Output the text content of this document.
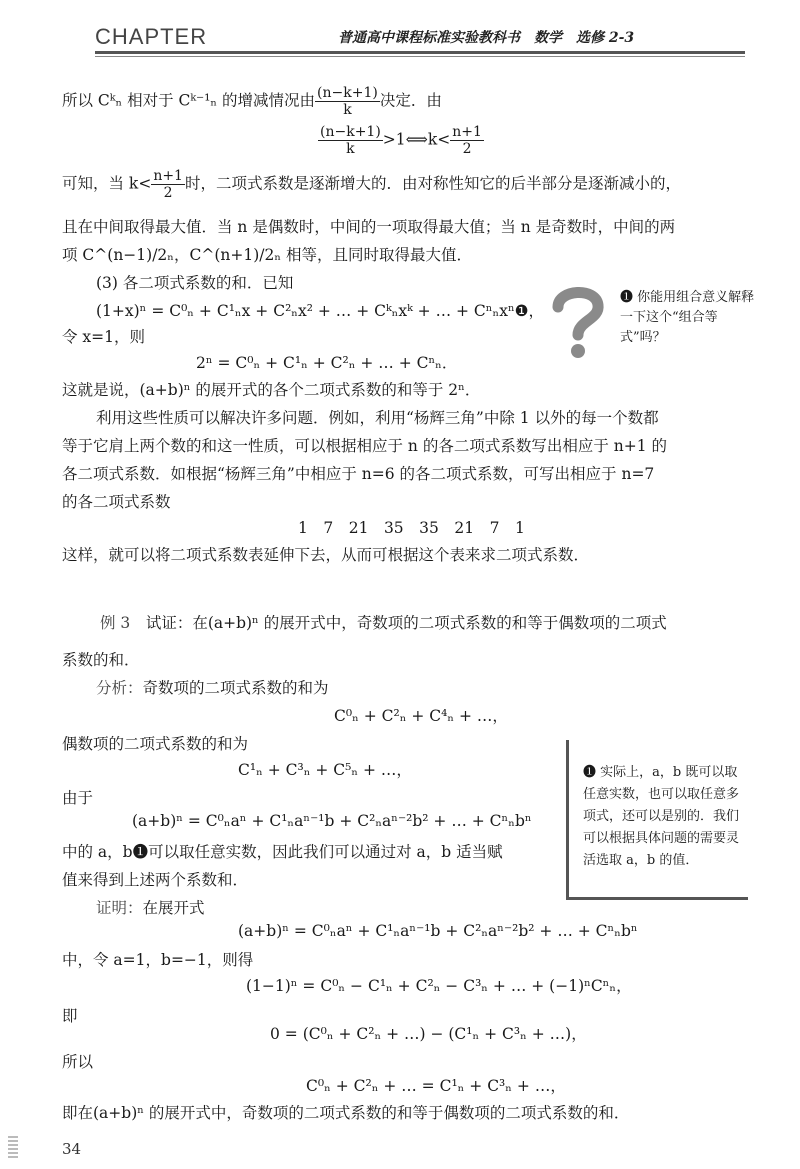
CHAPTER	普通高中课程标准实验教科书　数学　选修 2-3
所以 Cᵏₙ 相对于 Cᵏ⁻¹ₙ 的增减情况由 $\frac{(n-k+1)}{k}$ 决定．由
$\frac{(n-k+1)}{k}$ >1⟺k< $\frac{n+1}{2}$
可知，当 $k< \frac{n+1}{2}$ 时，二项式系数是逐渐增大的．由对称性知它的后半部分是逐渐减小的，
且在中间取得最大值．当 n 是偶数时，中间的一项取得最大值；当 n 是奇数时，中间的两
项 C^(n−1)/2ₙ，C^(n+1)/2ₙ 相等，且同时取得最大值．
(3) 各二项式系数的和．已知
(1+x)ⁿ = C⁰ₙ + C¹ₙx + C²ₙx² + … + Cᵏₙxᵏ + … + Cⁿₙxⁿ❶，
令 x=1，则
2ⁿ = C⁰ₙ + C¹ₙ + C²ₙ + … + Cⁿₙ．
这就是说，(a+b)ⁿ 的展开式的各个二项式系数的和等于 2ⁿ．
❶ 你能用组合意义解释一下这个“组合等式”吗？
利用这些性质可以解决许多问题．例如，利用“杨辉三角”中除 1 以外的每一个数都
等于它肩上两个数的和这一性质，可以根据相应于 n 的各二项式系数写出相应于 n+1 的
各二项式系数．如根据“杨辉三角”中相应于 n=6 的各二项式系数，可写出相应于 n=7
的各二项式系数
1　7　21　35　35　21　7　1
这样，就可以将二项式系数表延伸下去，从而可根据这个表来求二项式系数．
例 3　 试证：在(a+b)ⁿ 的展开式中，奇数项的二项式系数的和等于偶数项的二项式
系数的和．
分析：奇数项的二项式系数的和为
C⁰ₙ + C²ₙ + C⁴ₙ + …，
偶数项的二项式系数的和为
C¹ₙ + C³ₙ + C⁵ₙ + …，
由于
(a+b)ⁿ = C⁰ₙaⁿ + C¹ₙaⁿ⁻¹b + C²ₙaⁿ⁻²b² + … + Cⁿₙbⁿ
中的 a，b❶可以取任意实数，因此我们可以通过对 a，b 适当赋
值来得到上述两个系数和．
❶ 实际上，a，b 既可以取任意实数，也可以取任意多项式，还可以是别的．我们可以根据具体问题的需要灵活选取 a，b 的值．
证明：在展开式
(a+b)ⁿ = C⁰ₙaⁿ + C¹ₙaⁿ⁻¹b + C²ₙaⁿ⁻²b² + … + Cⁿₙbⁿ
中，令 a=1，b=−1，则得
(1−1)ⁿ = C⁰ₙ − C¹ₙ + C²ₙ − C³ₙ + … + (−1)ⁿCⁿₙ，
即
0 = (C⁰ₙ + C²ₙ + …) − (C¹ₙ + C³ₙ + …)，
所以
C⁰ₙ + C²ₙ + … = C¹ₙ + C³ₙ + …，
即在(a+b)ⁿ 的展开式中，奇数项的二项式系数的和等于偶数项的二项式系数的和．
34
